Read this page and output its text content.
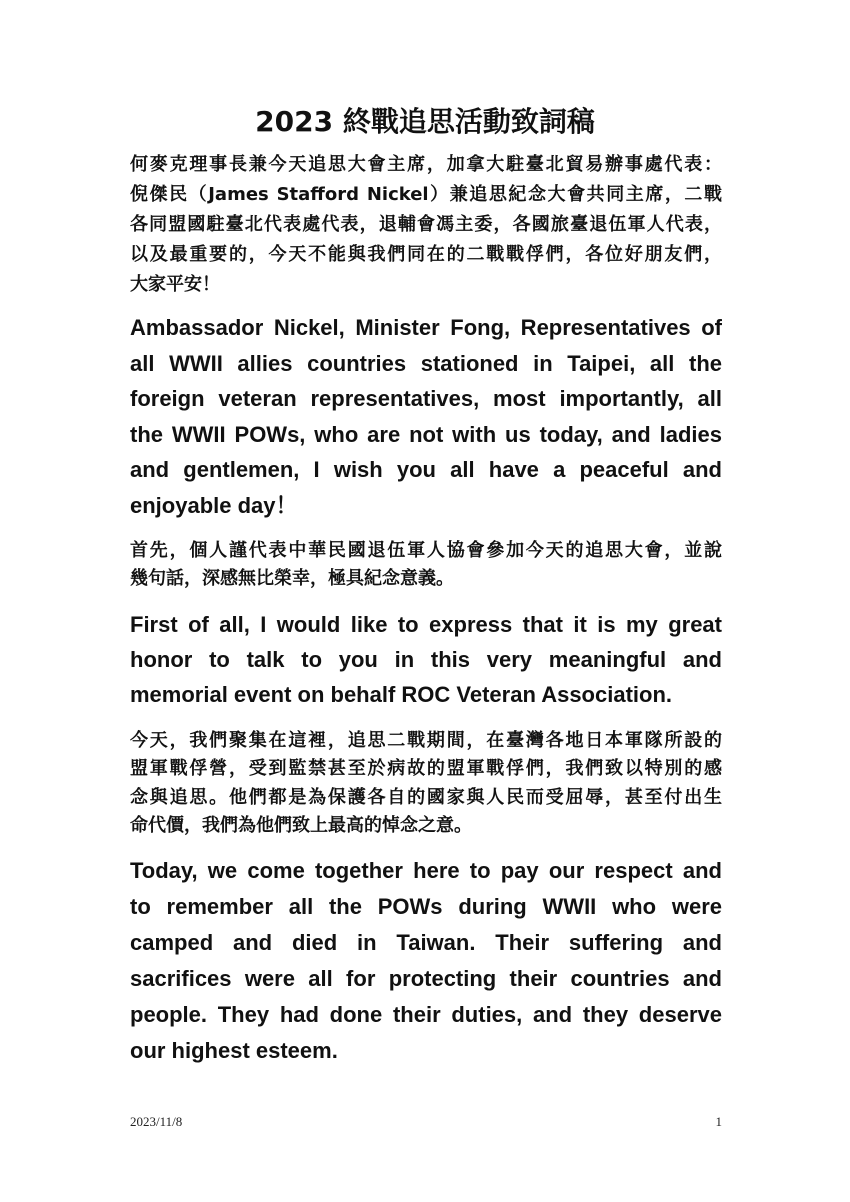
2023 終戰追思活動致詞稿
何麥克理事長兼今天追思大會主席，加拿大駐臺北貿易辦事處代表：
倪傑民（James Stafford Nickel）兼追思紀念大會共同主席，二戰
各同盟國駐臺北代表處代表，退輔會馮主委，各國旅臺退伍軍人代表，
以及最重要的，今天不能與我們同在的二戰戰俘們，各位好朋友們，
大家平安！
Ambassador Nickel, Minister Fong, Representatives of
all WWII allies countries stationed in Taipei, all the
foreign veteran representatives, most importantly, all
the WWII POWs, who are not with us today, and ladies
and gentlemen, I wish you all have a peaceful and
enjoyable day！
首先，個人謹代表中華民國退伍軍人協會參加今天的追思大會，並說
幾句話，深感無比榮幸，極具紀念意義。
First of all, I would like to express that it is my great
honor to talk to you in this very meaningful and
memorial event on behalf ROC Veteran Association.
今天，我們聚集在這裡，追思二戰期間，在臺灣各地日本軍隊所設的
盟軍戰俘營，受到監禁甚至於病故的盟軍戰俘們，我們致以特別的感
念與追思。他們都是為保護各自的國家與人民而受屈辱，甚至付出生
命代價，我們為他們致上最高的悼念之意。
Today, we come together here to pay our respect and
to remember all the POWs during WWII who were
camped and died in Taiwan. Their suffering and
sacrifices were all for protecting their countries and
people. They had done their duties, and they deserve
our highest esteem.
2023/11/8	1
